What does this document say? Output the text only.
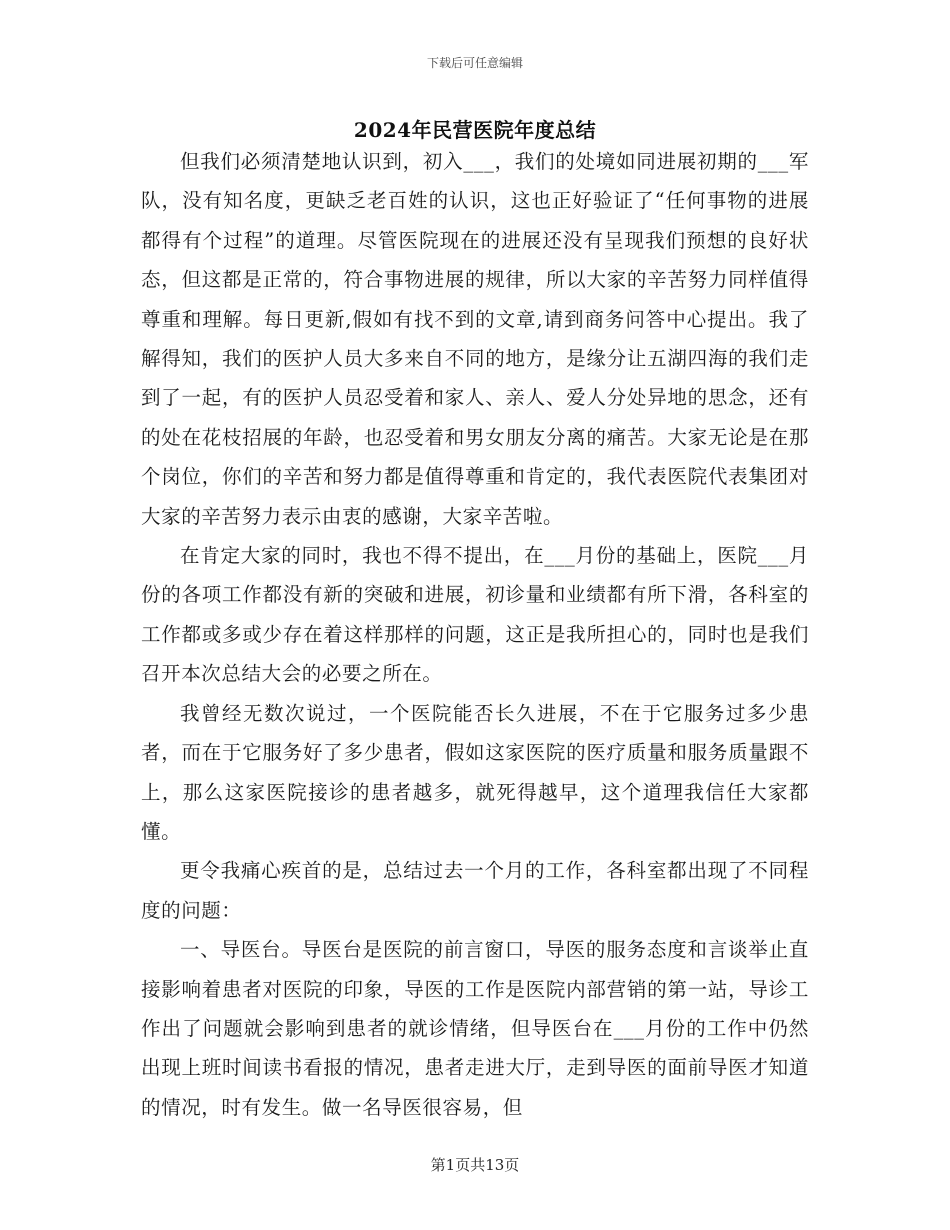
下载后可任意编辑
2024年民营医院年度总结

但我们必须清楚地认识到，初入___，我们的处境如同进展初期的___军队，没有知名度，更缺乏老百姓的认识，这也正好验证了“任何事物的进展都得有个过程”的道理。尽管医院现在的进展还没有呈现我们预想的良好状态，但这都是正常的，符合事物进展的规律，所以大家的辛苦努力同样值得尊重和理解。每日更新,假如有找不到的文章,请到商务问答中心提出。我了解得知，我们的医护人员大多来自不同的地方，是缘分让五湖四海的我们走到了一起，有的医护人员忍受着和家人、亲人、爱人分处异地的思念，还有的处在花枝招展的年龄，也忍受着和男女朋友分离的痛苦。大家无论是在那个岗位，你们的辛苦和努力都是值得尊重和肯定的，我代表医院代表集团对大家的辛苦努力表示由衷的感谢，大家辛苦啦。

在肯定大家的同时，我也不得不提出，在___月份的基础上，医院___月份的各项工作都没有新的突破和进展，初诊量和业绩都有所下滑，各科室的工作都或多或少存在着这样那样的问题，这正是我所担心的，同时也是我们召开本次总结大会的必要之所在。

我曾经无数次说过，一个医院能否长久进展，不在于它服务过多少患者，而在于它服务好了多少患者，假如这家医院的医疗质量和服务质量跟不上，那么这家医院接诊的患者越多，就死得越早，这个道理我信任大家都懂。

更令我痛心疾首的是，总结过去一个月的工作，各科室都出现了不同程度的问题：

一、导医台。导医台是医院的前言窗口，导医的服务态度和言谈举止直接影响着患者对医院的印象，导医的工作是医院内部营销的第一站，导诊工作出了问题就会影响到患者的就诊情绪，但导医台在___月份的工作中仍然出现上班时间读书看报的情况，患者走进大厅，走到导医的面前导医才知道的情况，时有发生。做一名导医很容易，但

第1页共13页
